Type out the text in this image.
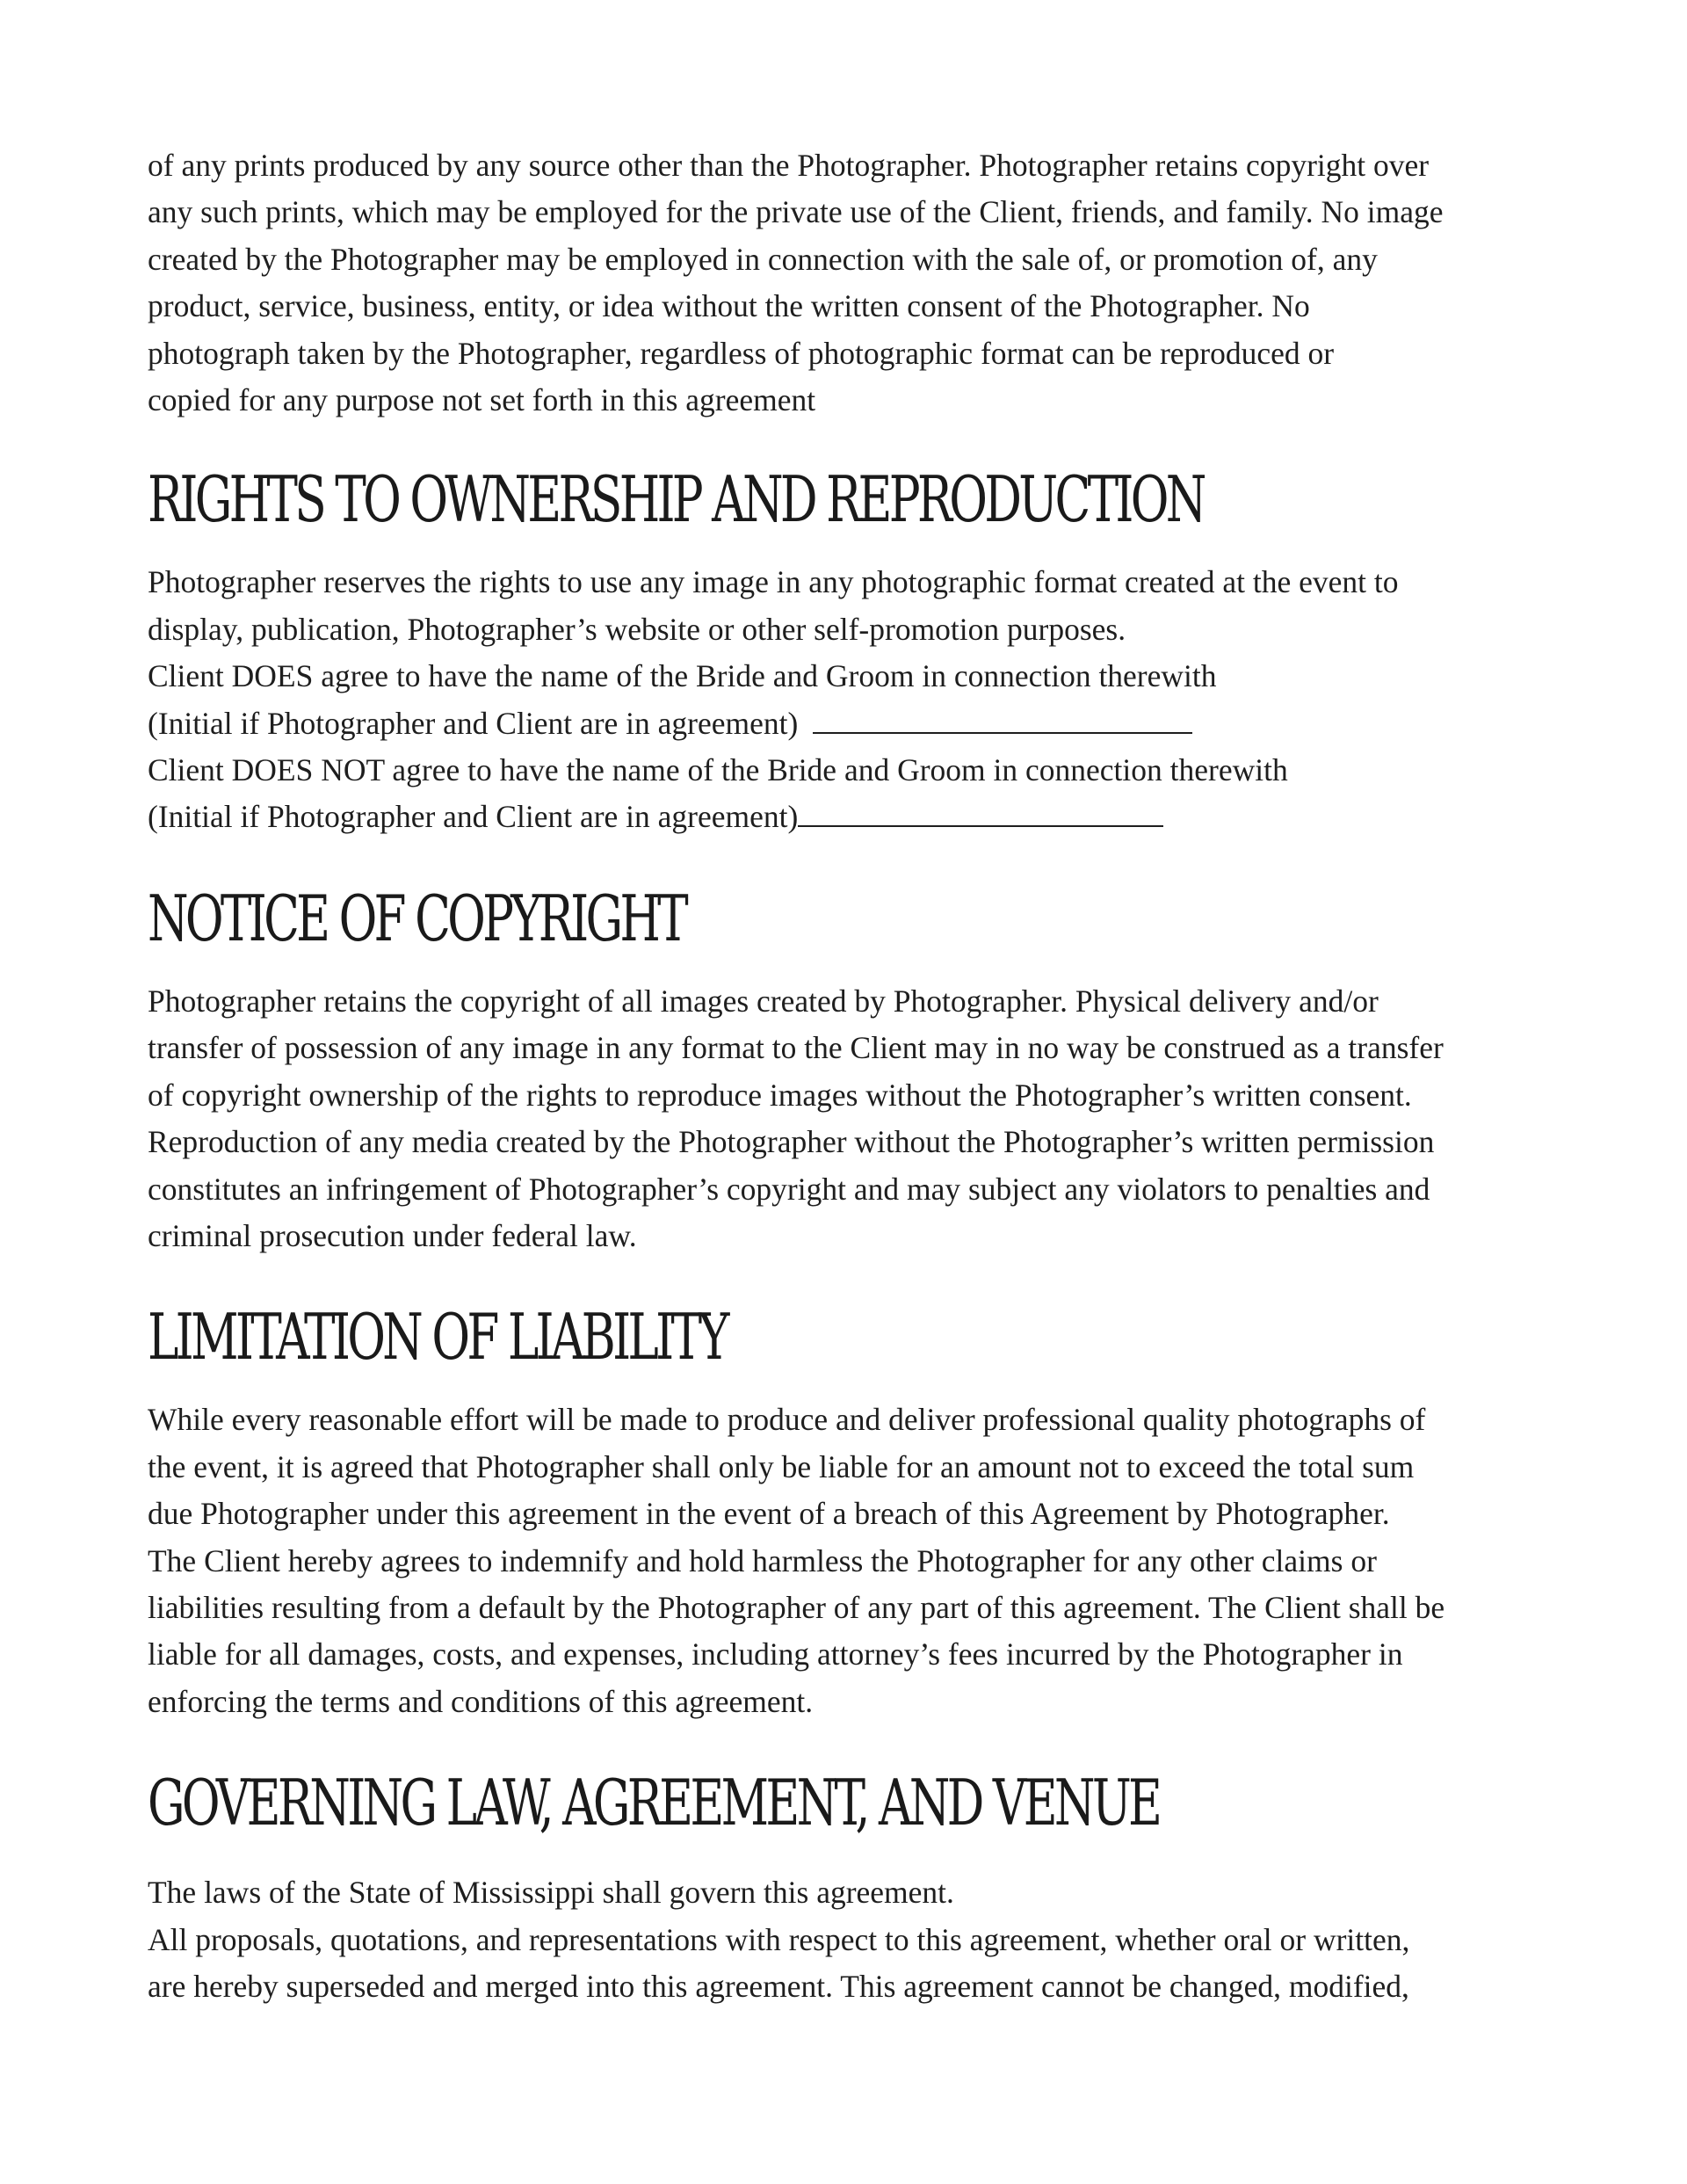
of any prints produced by any source other than the Photographer. Photographer retains copyright over
any such prints, which may be employed for the private use of the Client, friends, and family. No image
created by the Photographer may be employed in connection with the sale of, or promotion of, any
product, service, business, entity, or idea without the written consent of the Photographer. No
photograph taken by the Photographer, regardless of photographic format can be reproduced or
copied for any purpose not set forth in this agreement
RIGHTS TO OWNERSHIP AND REPRODUCTION
Photographer reserves the rights to use any image in any photographic format created at the event to
display, publication, Photographer’s website or other self-promotion purposes.
Client DOES agree to have the name of the Bride and Groom in connection therewith
(Initial if Photographer and Client are in agreement)
Client DOES NOT agree to have the name of the Bride and Groom in connection therewith
(Initial if Photographer and Client are in agreement)
NOTICE OF COPYRIGHT
Photographer retains the copyright of all images created by Photographer. Physical delivery and/or
transfer of possession of any image in any format to the Client may in no way be construed as a transfer
of copyright ownership of the rights to reproduce images without the Photographer’s written consent.
Reproduction of any media created by the Photographer without the Photographer’s written permission
constitutes an infringement of Photographer’s copyright and may subject any violators to penalties and
criminal prosecution under federal law.
LIMITATION OF LIABILITY
While every reasonable effort will be made to produce and deliver professional quality photographs of
the event, it is agreed that Photographer shall only be liable for an amount not to exceed the total sum
due Photographer under this agreement in the event of a breach of this Agreement by Photographer.
The Client hereby agrees to indemnify and hold harmless the Photographer for any other claims or
liabilities resulting from a default by the Photographer of any part of this agreement. The Client shall be
liable for all damages, costs, and expenses, including attorney’s fees incurred by the Photographer in
enforcing the terms and conditions of this agreement.
GOVERNING LAW, AGREEMENT, AND VENUE
The laws of the State of Mississippi shall govern this agreement.
All proposals, quotations, and representations with respect to this agreement, whether oral or written,
are hereby superseded and merged into this agreement. This agreement cannot be changed, modified,
